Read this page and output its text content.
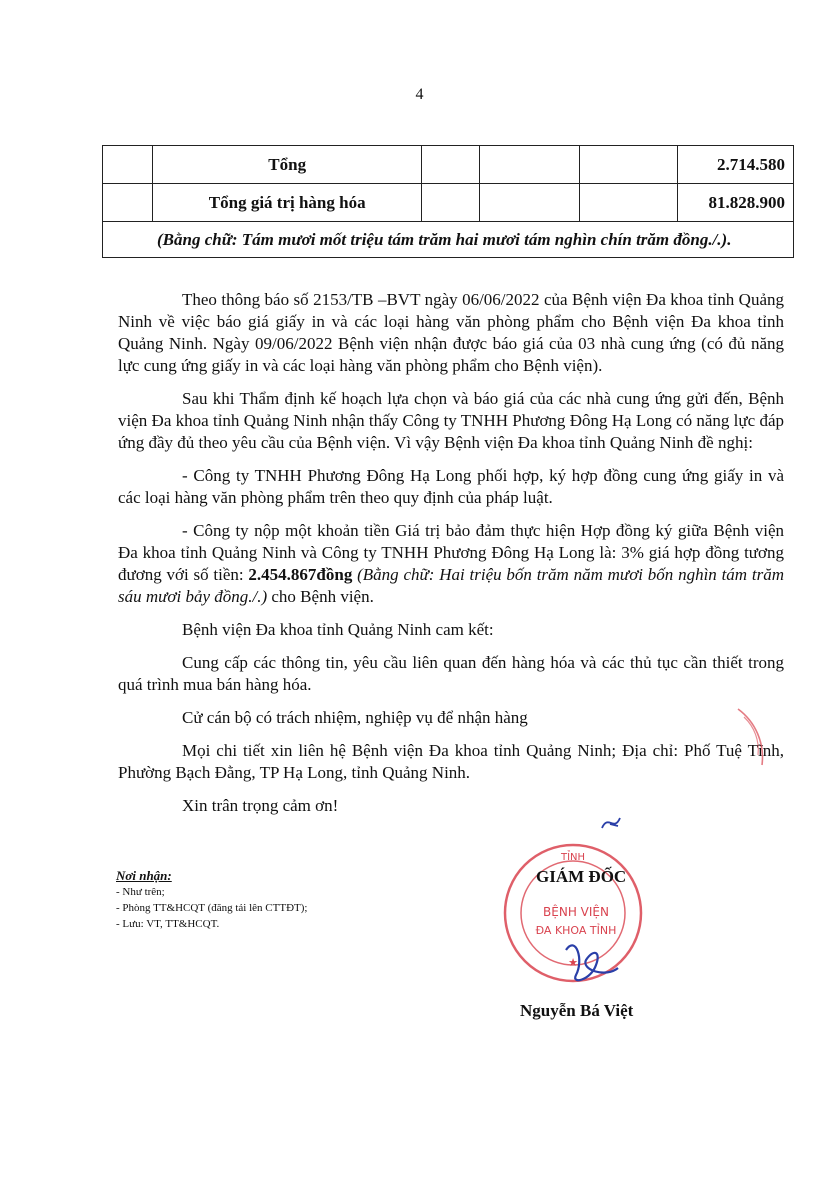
4
	Tổng				2.714.580
	Tổng giá trị hàng hóa				81.828.900
(Bằng chữ: Tám mươi mốt triệu tám trăm hai mươi tám nghìn chín trăm đồng./.).					

Theo thông báo số 2153/TB –BVT ngày 06/06/2022 của Bệnh viện Đa khoa tỉnh Quảng Ninh về việc báo giá giấy in và các loại hàng văn phòng phẩm cho Bệnh viện Đa khoa tỉnh Quảng Ninh. Ngày 09/06/2022 Bệnh viện nhận được báo giá của 03 nhà cung ứng (có đủ năng lực cung ứng giấy in và các loại hàng văn phòng phẩm cho Bệnh viện).

Sau khi Thẩm định kế hoạch lựa chọn và báo giá của các nhà cung ứng gửi đến, Bệnh viện Đa khoa tỉnh Quảng Ninh nhận thấy Công ty TNHH Phương Đông Hạ Long có năng lực đáp ứng đầy đủ theo yêu cầu của Bệnh viện. Vì vậy Bệnh viện Đa khoa tỉnh Quảng Ninh đề nghị:

- Công ty TNHH Phương Đông Hạ Long phối hợp, ký hợp đồng cung ứng giấy in và các loại hàng văn phòng phẩm trên theo quy định của pháp luật.

- Công ty nộp một khoản tiền Giá trị bảo đảm thực hiện Hợp đồng ký giữa Bệnh viện Đa khoa tỉnh Quảng Ninh và Công ty TNHH Phương Đông Hạ Long là: 3% giá hợp đồng tương đương với số tiền: 2.454.867đồng (Bằng chữ: Hai triệu bốn trăm năm mươi bốn nghìn tám trăm sáu mươi bảy đồng./.) cho Bệnh viện.

Bệnh viện Đa khoa tỉnh Quảng Ninh cam kết:

Cung cấp các thông tin, yêu cầu liên quan đến hàng hóa và các thủ tục cần thiết trong quá trình mua bán hàng hóa.

Cử cán bộ có trách nhiệm, nghiệp vụ để nhận hàng

Mọi chi tiết xin liên hệ Bệnh viện Đa khoa tỉnh Quảng Ninh; Địa chỉ: Phố Tuệ Tĩnh, Phường Bạch Đằng, TP Hạ Long, tỉnh Quảng Ninh.

Xin trân trọng cảm ơn!

Nơi nhận:
- Như trên;
- Phòng TT&HCQT (đăng tải lên CTTĐT);
- Lưu: VT, TT&HCQT.
TỈNH
BỆNH VIỆN
ĐA KHOA TỈNH
★
GIÁM ĐỐC
Nguyễn Bá Việt
